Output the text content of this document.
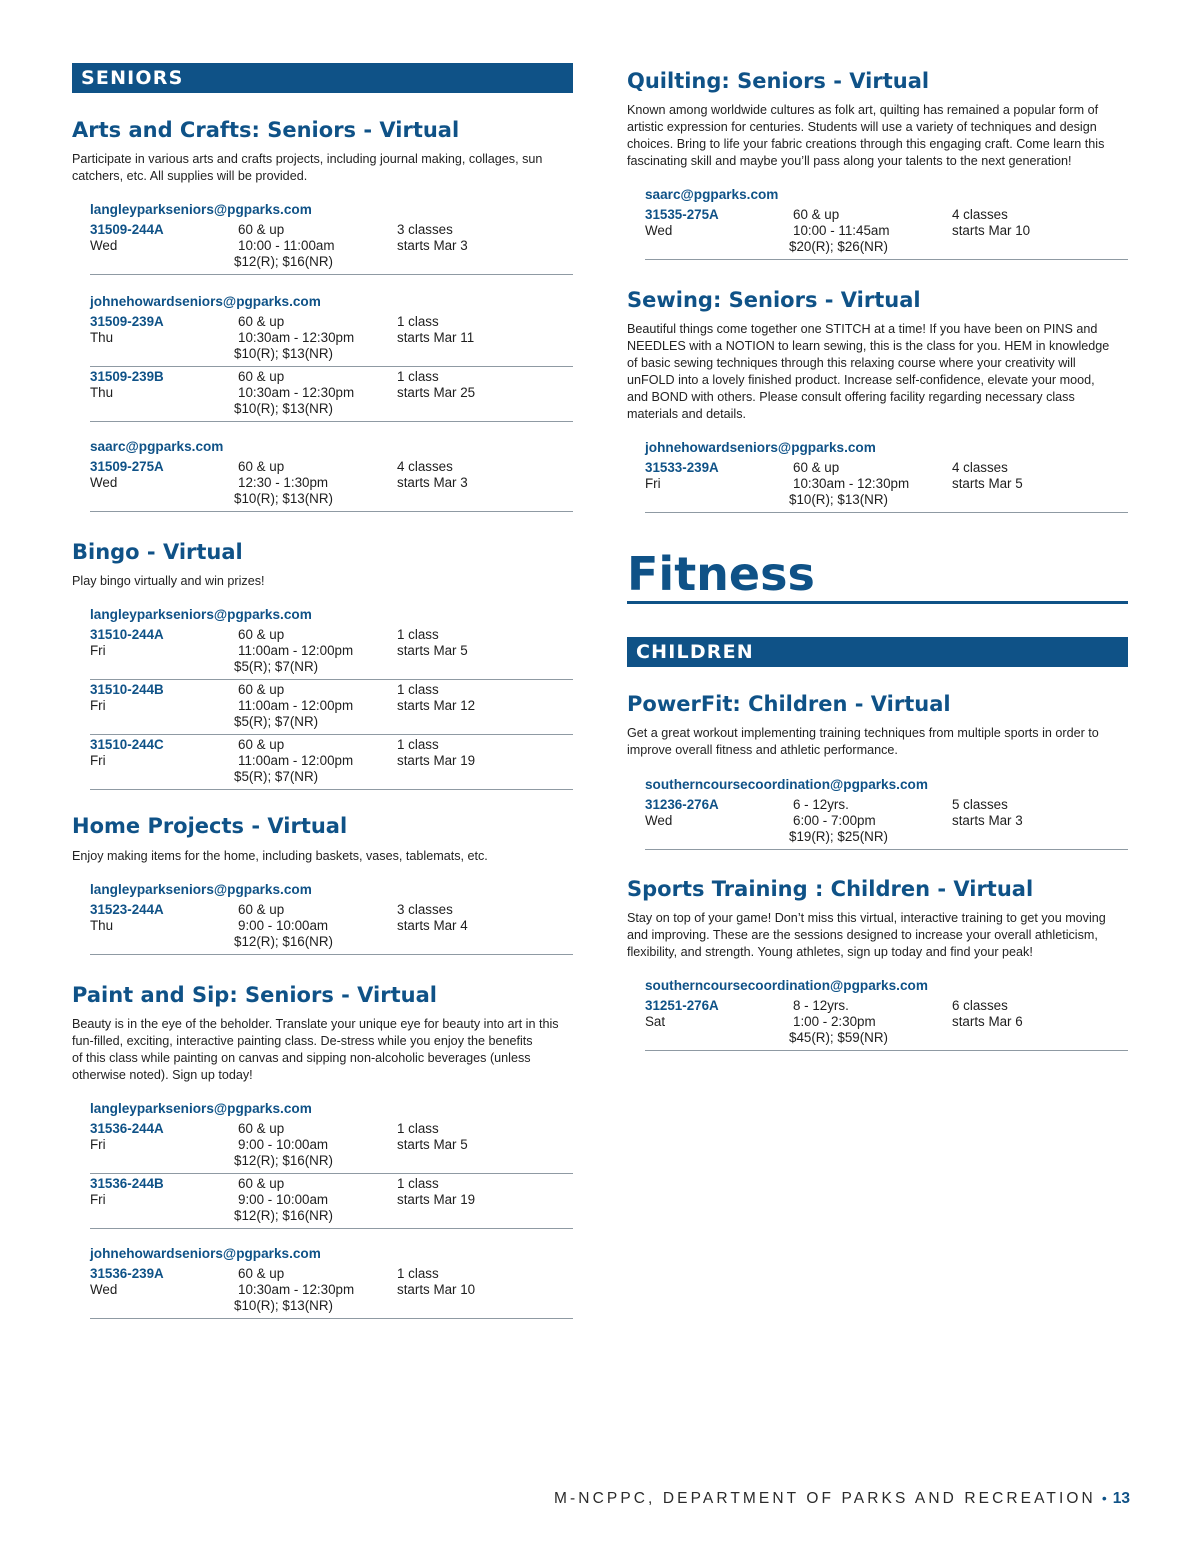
SENIORS
Arts and Crafts: Seniors - Virtual
Participate in various arts and crafts projects, including journal making, collages, sun
catchers, etc. All supplies will be provided.
langleyparkseniors@pgparks.com
31509-244A
Wed
60 & up
10:00 - 11:00am
$12(R); $16(NR)
3 classes
starts Mar 3
johnehowardseniors@pgparks.com
31509-239A
Thu
60 & up
10:30am - 12:30pm
$10(R); $13(NR)
1 class
starts Mar 11
31509-239B
Thu
60 & up
10:30am - 12:30pm
$10(R); $13(NR)
1 class
starts Mar 25
saarc@pgparks.com
31509-275A
Wed
60 & up
12:30 - 1:30pm
$10(R); $13(NR)
4 classes
starts Mar 3
Bingo - Virtual
Play bingo virtually and win prizes!
langleyparkseniors@pgparks.com
31510-244A
Fri
60 & up
11:00am - 12:00pm
$5(R); $7(NR)
1 class
starts Mar 5
31510-244B
Fri
60 & up
11:00am - 12:00pm
$5(R); $7(NR)
1 class
starts Mar 12
31510-244C
Fri
60 & up
11:00am - 12:00pm
$5(R); $7(NR)
1 class
starts Mar 19
Home Projects - Virtual
Enjoy making items for the home, including baskets, vases, tablemats, etc.
langleyparkseniors@pgparks.com
31523-244A
Thu
60 & up
9:00 - 10:00am
$12(R); $16(NR)
3 classes
starts Mar 4
Paint and Sip: Seniors - Virtual
Beauty is in the eye of the beholder. Translate your unique eye for beauty into art in this
fun-filled, exciting, interactive painting class. De-stress while you enjoy the benefits
of this class while painting on canvas and sipping non-alcoholic beverages (unless
otherwise noted). Sign up today!
langleyparkseniors@pgparks.com
31536-244A
Fri
60 & up
9:00 - 10:00am
$12(R); $16(NR)
1 class
starts Mar 5
31536-244B
Fri
60 & up
9:00 - 10:00am
$12(R); $16(NR)
1 class
starts Mar 19
johnehowardseniors@pgparks.com
31536-239A
Wed
60 & up
10:30am - 12:30pm
$10(R); $13(NR)
1 class
starts Mar 10
Quilting: Seniors - Virtual
Known among worldwide cultures as folk art, quilting has remained a popular form of
artistic expression for centuries. Students will use a variety of techniques and design
choices. Bring to life your fabric creations through this engaging craft. Come learn this
fascinating skill and maybe you’ll pass along your talents to the next generation!
saarc@pgparks.com
31535-275A
Wed
60 & up
10:00 - 11:45am
$20(R); $26(NR)
4 classes
starts Mar 10
Sewing: Seniors - Virtual
Beautiful things come together one STITCH at a time! If you have been on PINS and
NEEDLES with a NOTION to learn sewing, this is the class for you. HEM in knowledge
of basic sewing techniques through this relaxing course where your creativity will
unFOLD into a lovely finished product. Increase self-confidence, elevate your mood,
and BOND with others. Please consult offering facility regarding necessary class
materials and details.
johnehowardseniors@pgparks.com
31533-239A
Fri
60 & up
10:30am - 12:30pm
$10(R); $13(NR)
4 classes
starts Mar 5
Fitness
CHILDREN
PowerFit: Children - Virtual
Get a great workout implementing training techniques from multiple sports in order to
improve overall fitness and athletic performance.
southerncoursecoordination@pgparks.com
31236-276A
Wed
6 - 12yrs.
6:00 - 7:00pm
$19(R); $25(NR)
5 classes
starts Mar 3
Sports Training : Children - Virtual
Stay on top of your game! Don’t miss this virtual, interactive training to get you moving
and improving. These are the sessions designed to increase your overall athleticism,
flexibility, and strength. Young athletes, sign up today and find your peak!
southerncoursecoordination@pgparks.com
31251-276A
Sat
8 - 12yrs.
1:00 - 2:30pm
$45(R); $59(NR)
6 classes
starts Mar 6
M-NCPPC, DEPARTMENT OF PARKS AND RECREATION • 13
